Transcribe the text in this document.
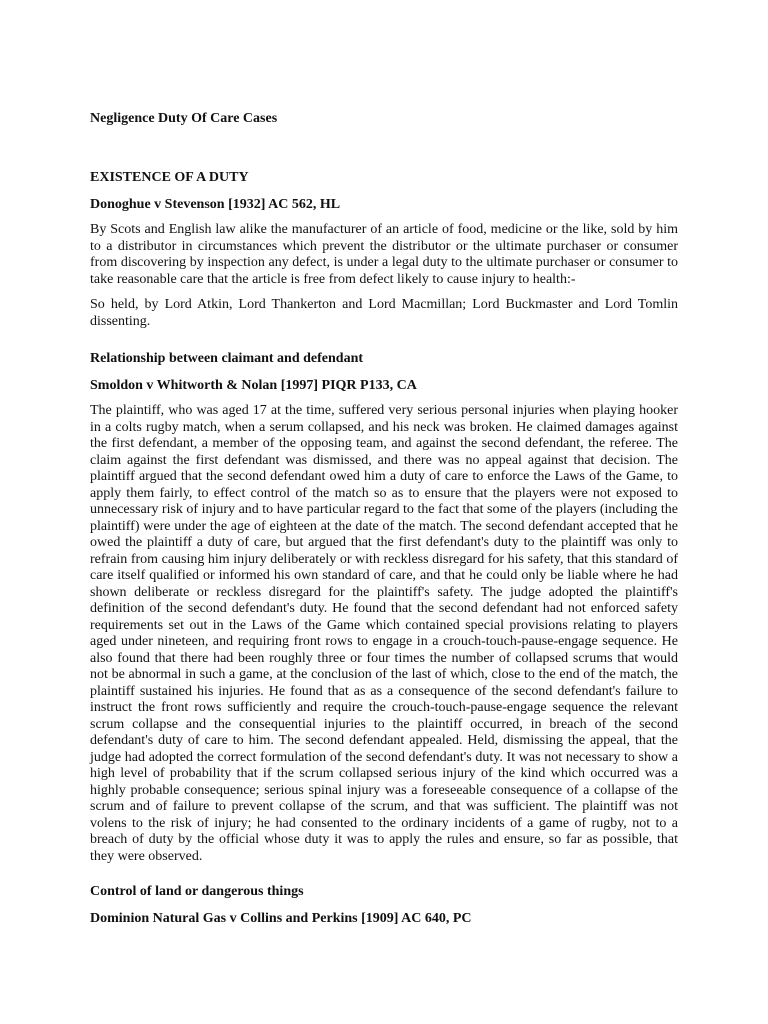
Negligence Duty Of Care Cases

EXISTENCE OF A DUTY

Donoghue v Stevenson [1932] AC 562, HL

By Scots and English law alike the manufacturer of an article of food, medicine or the like, sold by him to a distributor in circumstances which prevent the distributor or the ultimate purchaser or consumer from discovering by inspection any defect, is under a legal duty to the ultimate purchaser or consumer to take reasonable care that the article is free from defect likely to cause injury to health:-

So held, by Lord Atkin, Lord Thankerton and Lord Macmillan; Lord Buckmaster and Lord Tomlin dissenting.

Relationship between claimant and defendant

Smoldon v Whitworth & Nolan [1997] PIQR P133, CA

The plaintiff, who was aged 17 at the time, suffered very serious personal injuries when playing hooker in a colts rugby match, when a serum collapsed, and his neck was broken. He claimed damages against the first defendant, a member of the opposing team, and against the second defendant, the referee. The claim against the first defendant was dismissed, and there was no appeal against that decision. The plaintiff argued that the second defendant owed him a duty of care to enforce the Laws of the Game, to apply them fairly, to effect control of the match so as to ensure that the players were not exposed to unnecessary risk of injury and to have particular regard to the fact that some of the players (including the plaintiff) were under the age of eighteen at the date of the match. The second defendant accepted that he owed the plaintiff a duty of care, but argued that the first defendant's duty to the plaintiff was only to refrain from causing him injury deliberately or with reckless disregard for his safety, that this standard of care itself qualified or informed his own standard of care, and that he could only be liable where he had shown deliberate or reckless disregard for the plaintiff's safety. The judge adopted the plaintiff's definition of the second defendant's duty. He found that the second defendant had not enforced safety requirements set out in the Laws of the Game which contained special provisions relating to players aged under nineteen, and requiring front rows to engage in a crouch-touch-pause-engage sequence. He also found that there had been roughly three or four times the number of collapsed scrums that would not be abnormal in such a game, at the conclusion of the last of which, close to the end of the match, the plaintiff sustained his injuries. He found that as as a consequence of the second defendant's failure to instruct the front rows sufficiently and require the crouch-touch-pause-engage sequence the relevant scrum collapse and the consequential injuries to the plaintiff occurred, in breach of the second defendant's duty of care to him. The second defendant appealed. Held, dismissing the appeal, that the judge had adopted the correct formulation of the second defendant's duty. It was not necessary to show a high level of probability that if the scrum collapsed serious injury of the kind which occurred was a highly probable consequence; serious spinal injury was a foreseeable consequence of a collapse of the scrum and of failure to prevent collapse of the scrum, and that was sufficient. The plaintiff was not volens to the risk of injury; he had consented to the ordinary incidents of a game of rugby, not to a breach of duty by the official whose duty it was to apply the rules and ensure, so far as possible, that they were observed.

Control of land or dangerous things

Dominion Natural Gas v Collins and Perkins [1909] AC 640, PC
